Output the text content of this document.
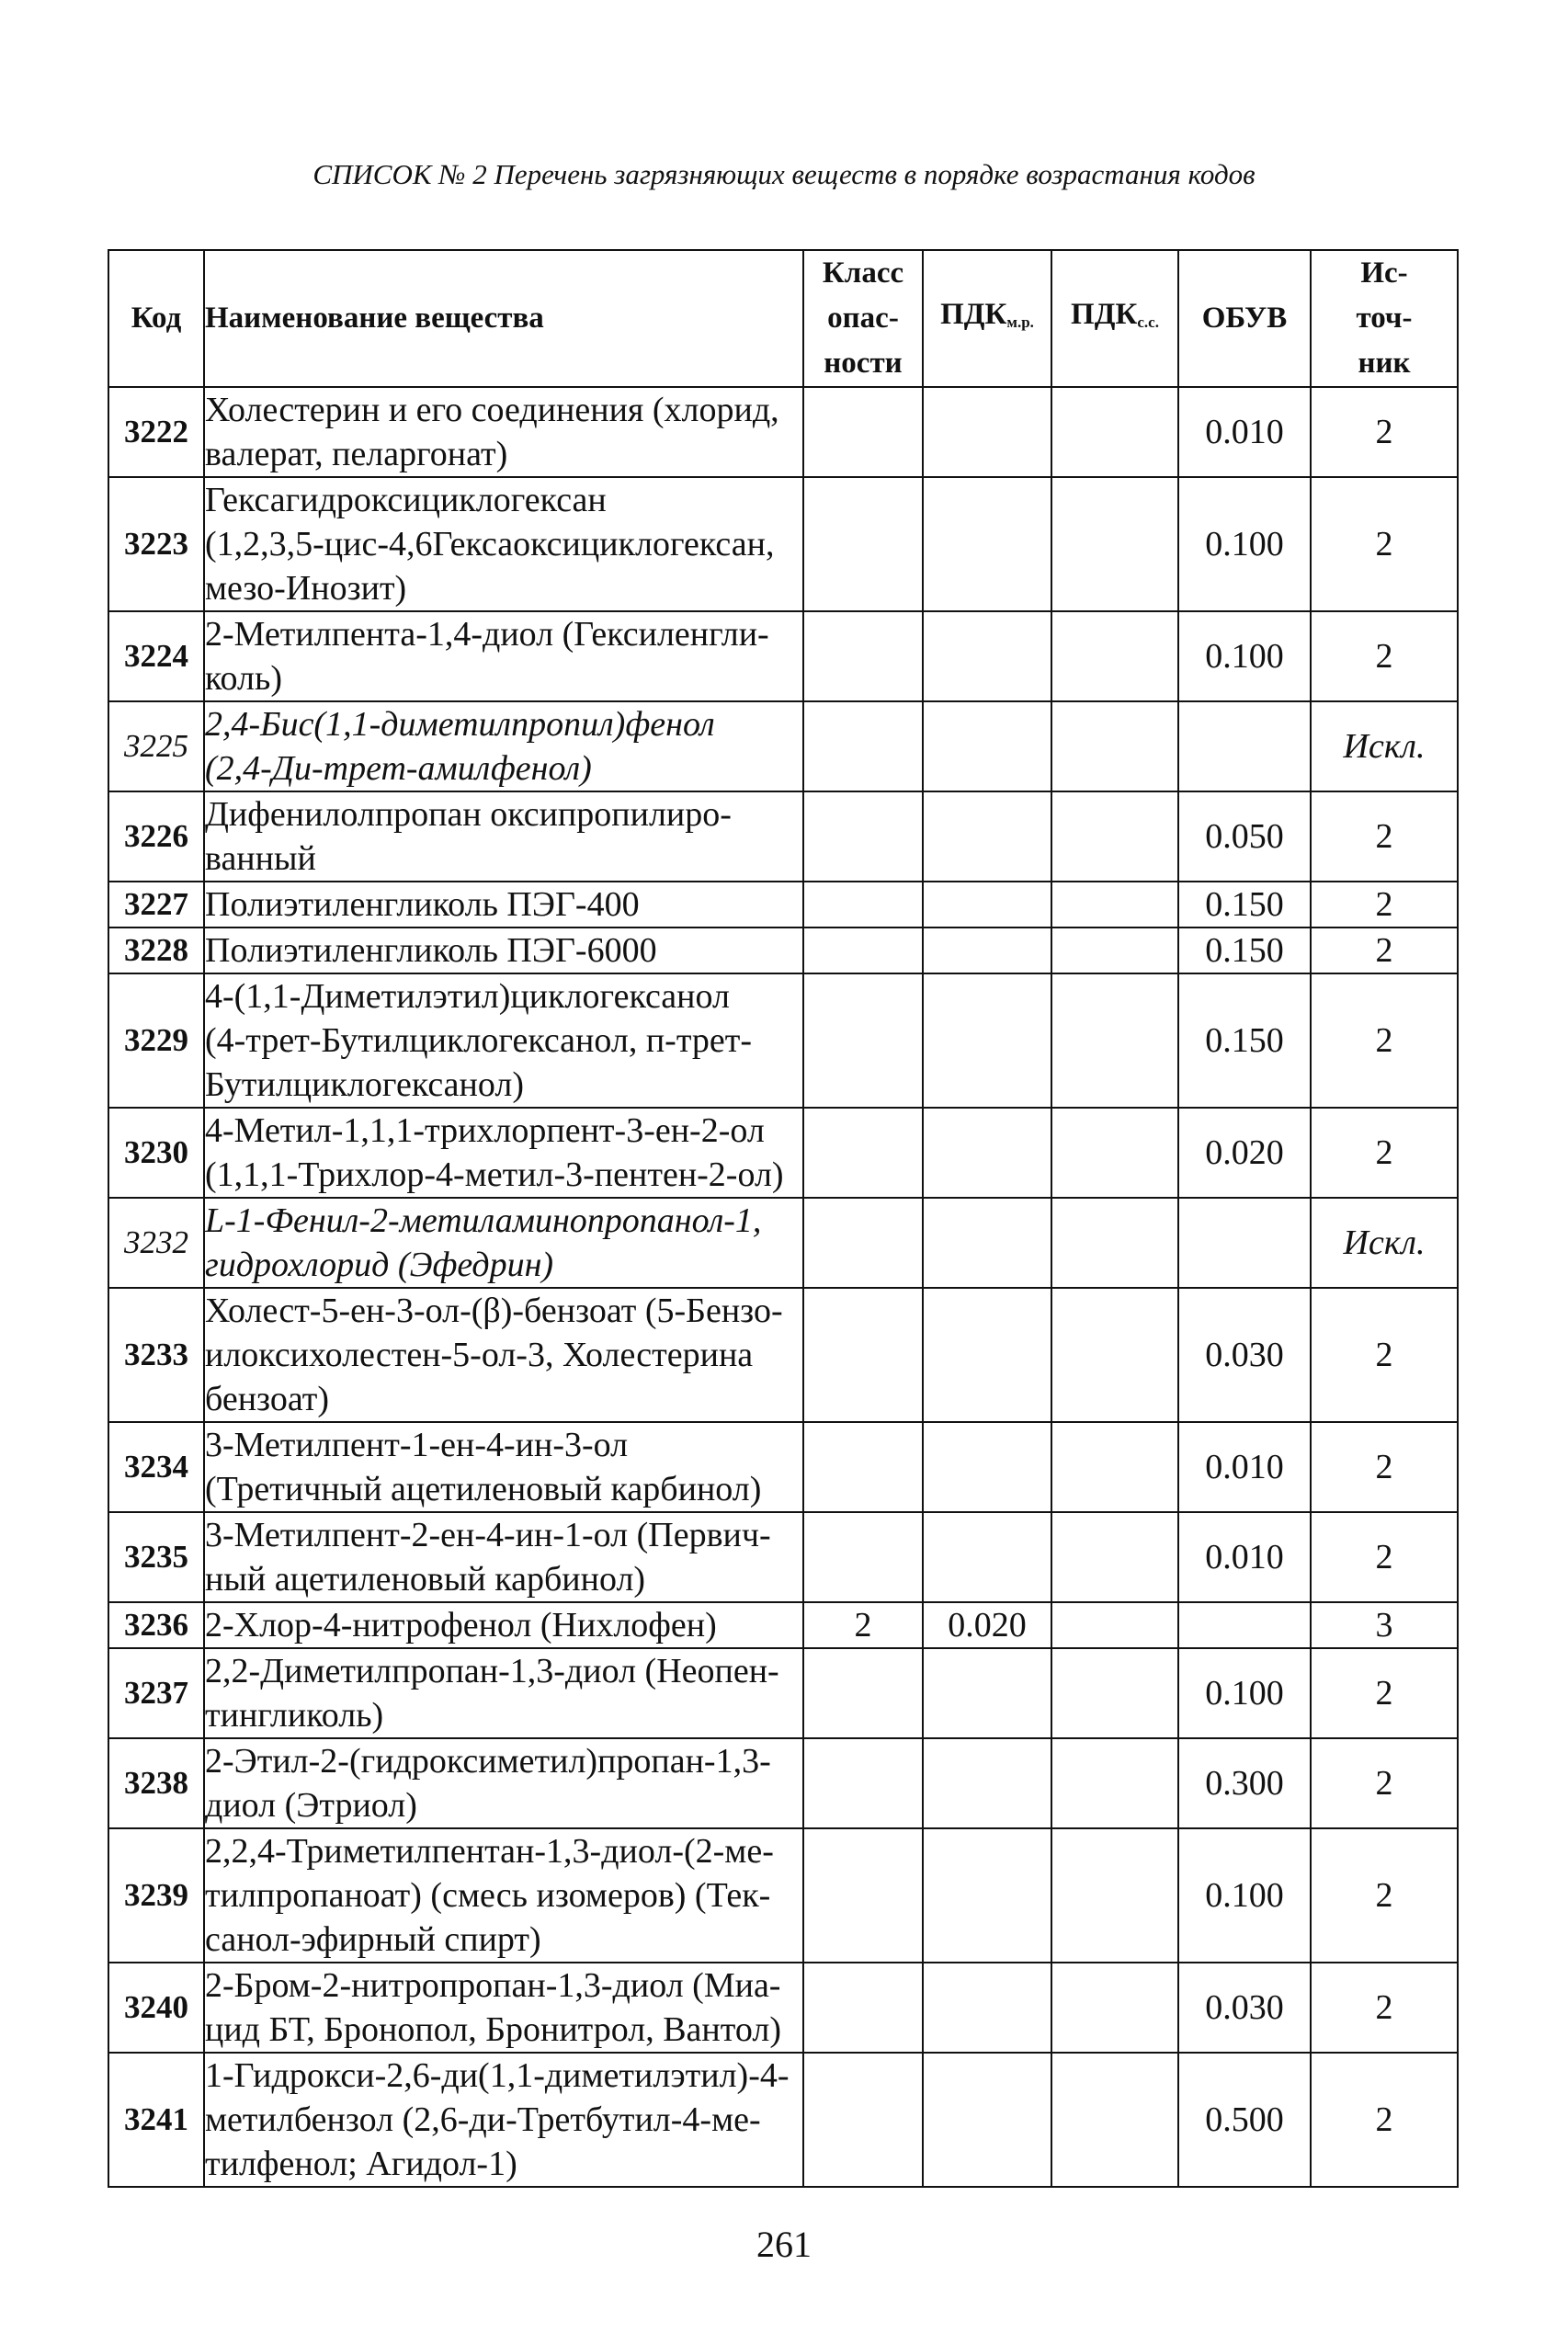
СПИСОК № 2 Перечень загрязняющих веществ в порядке возрастания кодов
Код	Наименование вещества	Класс
опас-
ности	$ПДК_{м.р.}$	$ПДК_{с.с.}$	ОБУВ	Ис-
точ-
ник
3222	Холестерин и его соединения (хлорид,
валерат, пеларгонат)				0.010	2
3223	Гексагидроксициклогексан
(1,2,3,5-цис-4,6Гексаоксициклогексан,
мезо-Инозит)				0.100	2
3224	2-Метилпента-1,4-диол (Гексиленгли-
коль)				0.100	2
3225	2,4-Бис(1,1-диметилпропил)фенол
(2,4-Ди-трет-амилфенол)					Искл.
3226	Дифенилолпропан оксипропилиро-
ванный				0.050	2
3227	Полиэтиленгликоль ПЭГ-400				0.150	2
3228	Полиэтиленгликоль ПЭГ-6000				0.150	2
3229	4-(1,1-Диметилэтил)циклогексанол
(4-трет-Бутилциклогексанол, п-трет-
Бутилциклогексанол)				0.150	2
3230	4-Метил-1,1,1-трихлорпент-3-ен-2-ол
(1,1,1-Трихлор-4-метил-3-пентен-2-ол)				0.020	2
3232	L-1-Фенил-2-метиламинопропанол-1,
гидрохлорид (Эфедрин)					Искл.
3233	Холест-5-ен-3-ол-(β)-бензоат (5-Бензо-
илоксихолестен-5-ол-3, Холестерина
бензоат)				0.030	2
3234	3-Метилпент-1-ен-4-ин-3-ол
(Третичный ацетиленовый карбинол)				0.010	2
3235	3-Метилпент-2-ен-4-ин-1-ол (Первич-
ный ацетиленовый карбинол)				0.010	2
3236	2-Хлор-4-нитрофенол (Нихлофен)	2	0.020			3
3237	2,2-Диметилпропан-1,3-диол (Неопен-
тингликоль)				0.100	2
3238	2-Этил-2-(гидроксиметил)пропан-1,3-
диол (Этриол)				0.300	2
3239	2,2,4-Триметилпентан-1,3-диол-(2-ме-
тилпропаноат) (смесь изомеров) (Тек-
санол-эфирный спирт)				0.100	2
3240	2-Бром-2-нитропропан-1,3-диол (Миа-
цид БТ, Бронопол, Бронитрол, Вантол)				0.030	2
3241	1-Гидрокси-2,6-ди(1,1-диметилэтил)-4-
метилбензол (2,6-ди-Третбутил-4-ме-
тилфенол; Агидол-1)				0.500	2
261
